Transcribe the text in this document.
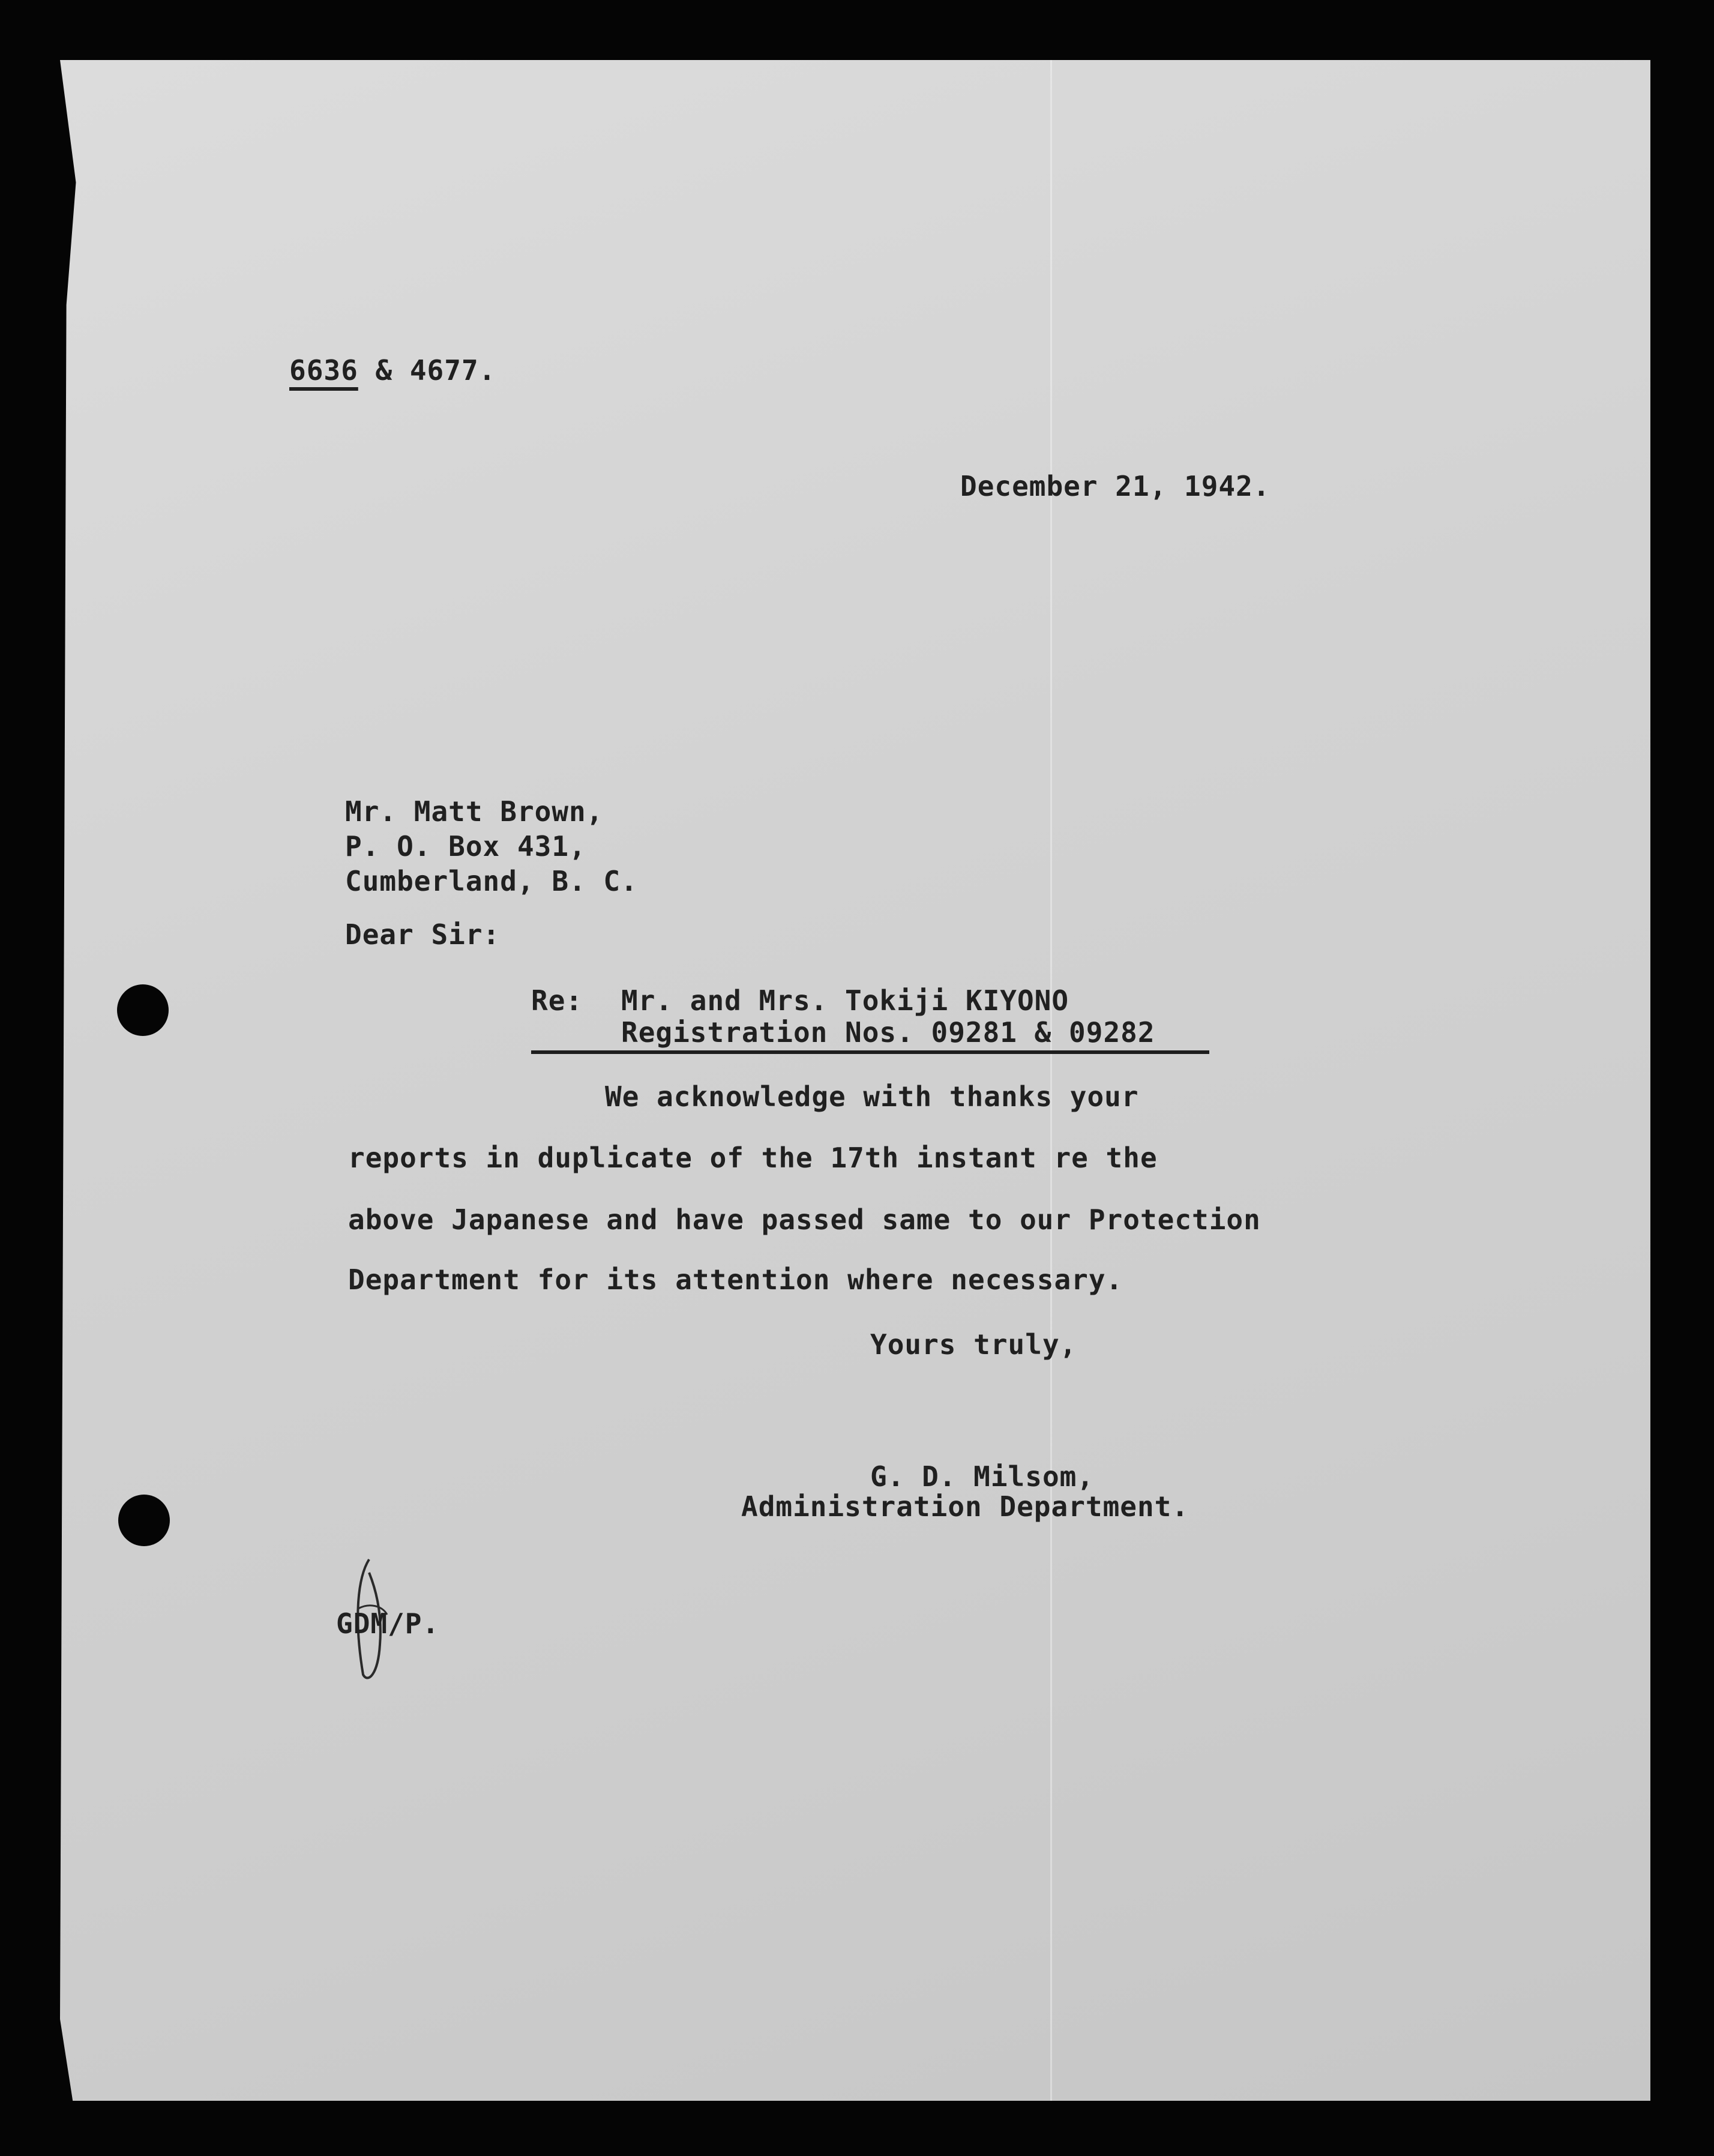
6636 & 4677.
December 21, 1942.
Mr. Matt Brown,
P. O. Box 431,
Cumberland, B. C.
Dear Sir:
Re: Mr. and Mrs. Tokiji KIYONO
Registration Nos. 09281 & 09282
We acknowledge with thanks your
reports in duplicate of the 17th instant re the
above Japanese and have passed same to our Protection
Department for its attention where necessary.
Yours truly,
G. D. Milsom,
Administration Department.
GDM/P.
